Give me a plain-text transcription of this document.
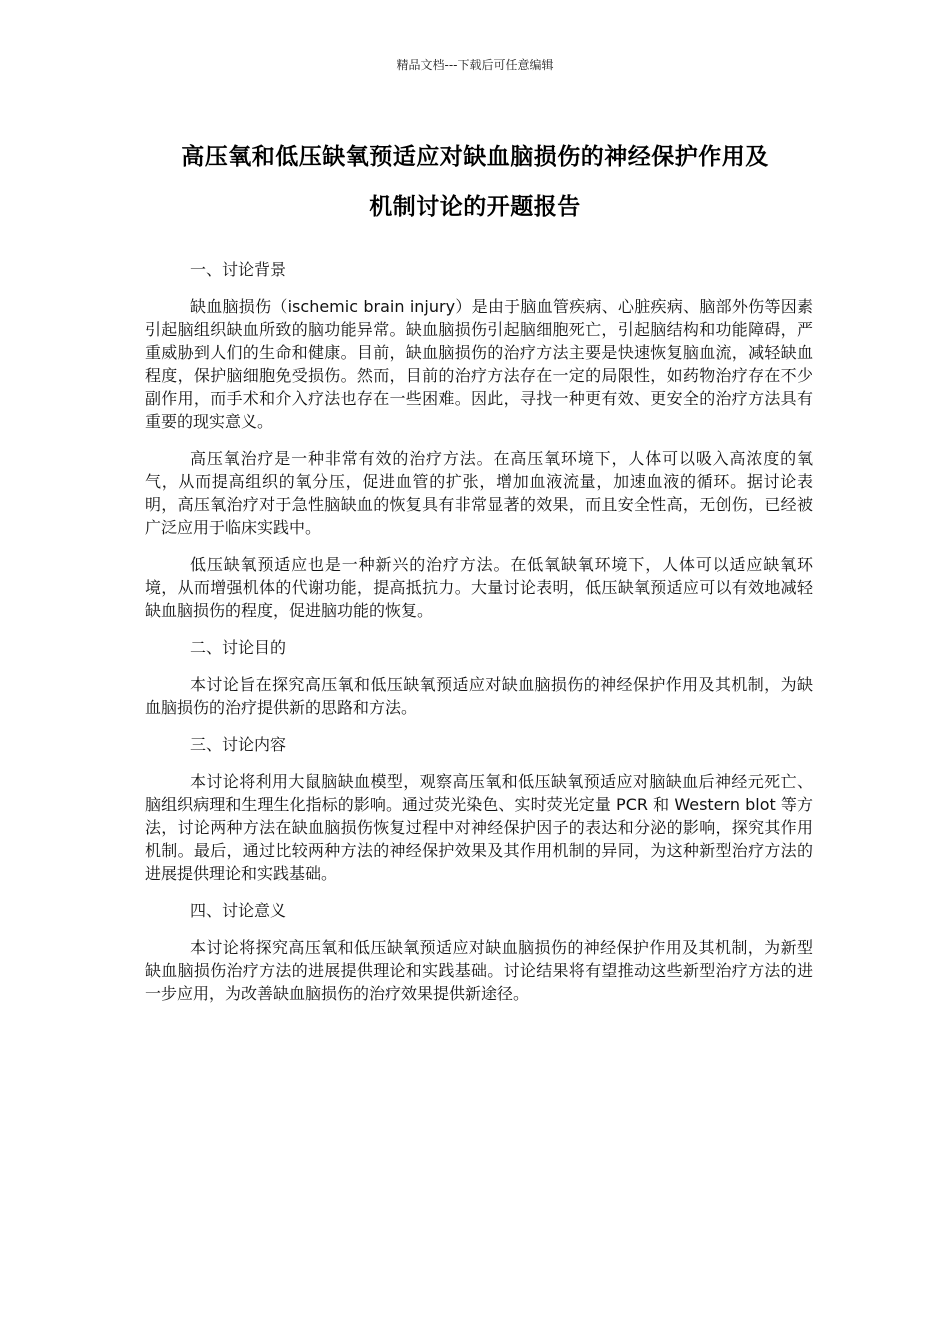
精品文档---下载后可任意编辑
高压氧和低压缺氧预适应对缺血脑损伤的神经保护作用及
机制讨论的开题报告
一、讨论背景

缺血脑损伤（ischemic brain injury）是由于脑血管疾病、心脏疾病、脑部外伤等因素引起脑组织缺血所致的脑功能异常。缺血脑损伤引起脑细胞死亡，引起脑结构和功能障碍，严重威胁到人们的生命和健康。目前，缺血脑损伤的治疗方法主要是快速恢复脑血流，减轻缺血程度，保护脑细胞免受损伤。然而，目前的治疗方法存在一定的局限性，如药物治疗存在不少副作用，而手术和介入疗法也存在一些困难。因此，寻找一种更有效、更安全的治疗方法具有重要的现实意义。

高压氧治疗是一种非常有效的治疗方法。在高压氧环境下，人体可以吸入高浓度的氧气，从而提高组织的氧分压，促进血管的扩张，增加血液流量，加速血液的循环。据讨论表明，高压氧治疗对于急性脑缺血的恢复具有非常显著的效果，而且安全性高，无创伤，已经被广泛应用于临床实践中。

低压缺氧预适应也是一种新兴的治疗方法。在低氧缺氧环境下，人体可以适应缺氧环境，从而增强机体的代谢功能，提高抵抗力。大量讨论表明，低压缺氧预适应可以有效地减轻缺血脑损伤的程度，促进脑功能的恢复。

二、讨论目的

本讨论旨在探究高压氧和低压缺氧预适应对缺血脑损伤的神经保护作用及其机制，为缺血脑损伤的治疗提供新的思路和方法。

三、讨论内容

本讨论将利用大鼠脑缺血模型，观察高压氧和低压缺氧预适应对脑缺血后神经元死亡、脑组织病理和生理生化指标的影响。通过荧光染色、实时荧光定量 PCR 和 Western blot 等方法，讨论两种方法在缺血脑损伤恢复过程中对神经保护因子的表达和分泌的影响，探究其作用机制。最后，通过比较两种方法的神经保护效果及其作用机制的异同，为这种新型治疗方法的进展提供理论和实践基础。

四、讨论意义

本讨论将探究高压氧和低压缺氧预适应对缺血脑损伤的神经保护作用及其机制，为新型缺血脑损伤治疗方法的进展提供理论和实践基础。讨论结果将有望推动这些新型治疗方法的进一步应用，为改善缺血脑损伤的治疗效果提供新途径。
